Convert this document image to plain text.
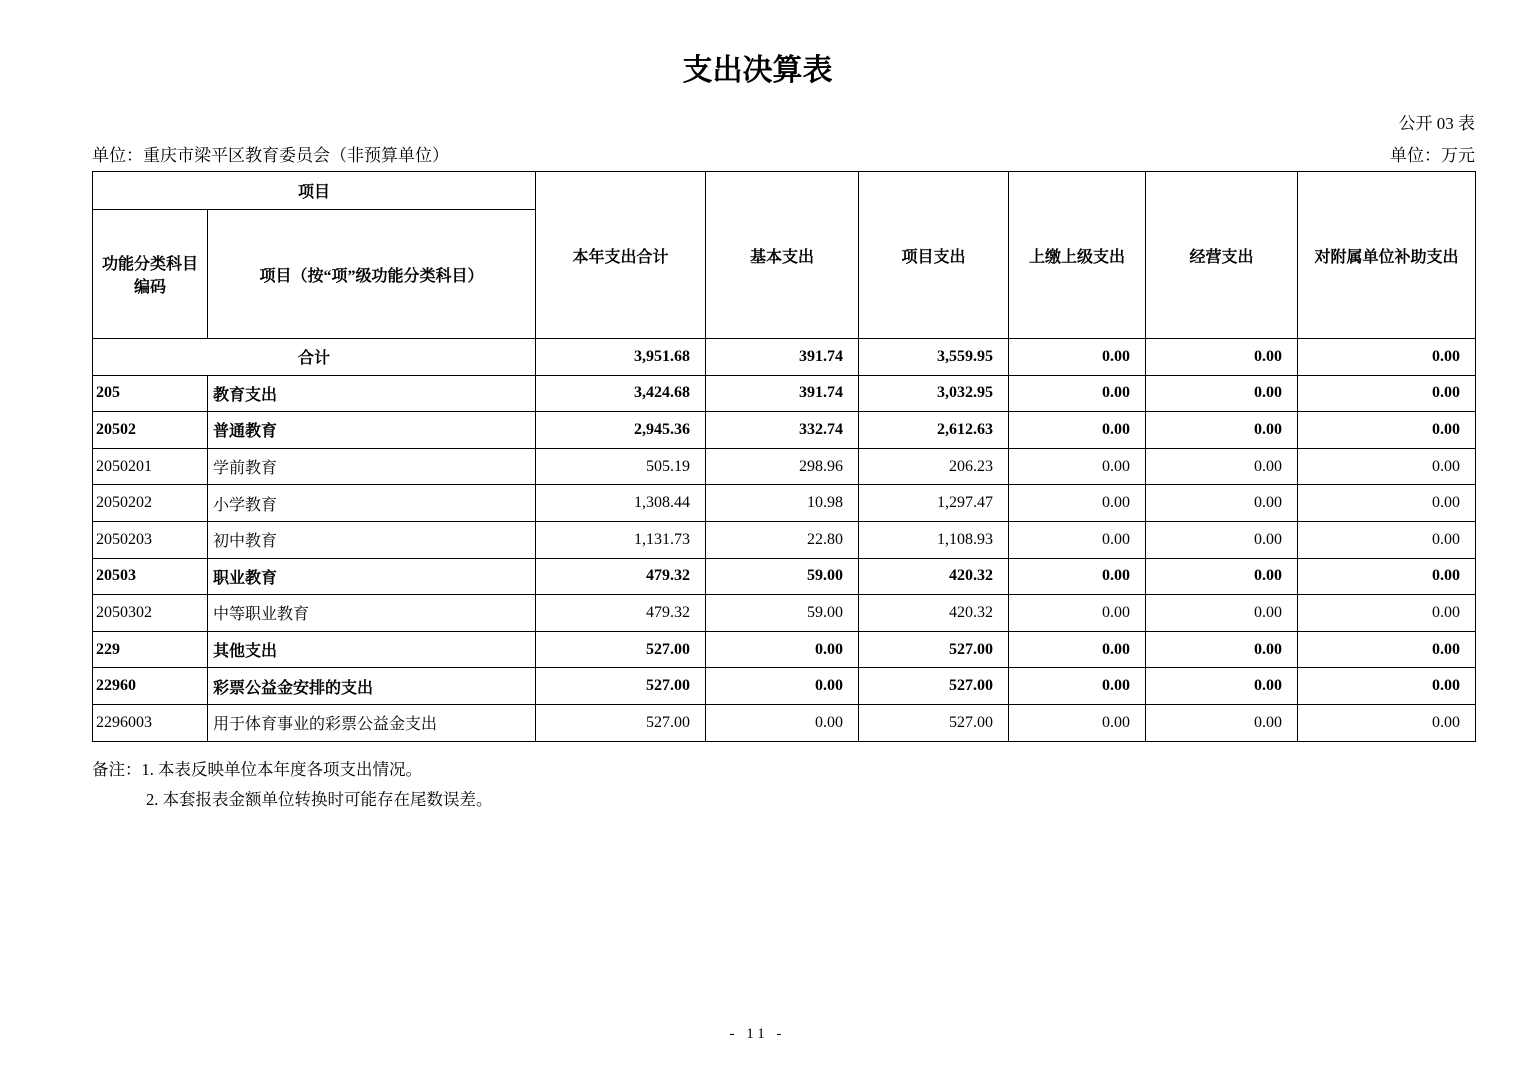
支出决算表
公开 03 表
单位：重庆市梁平区教育委员会（非预算单位）	单位：万元
项目		本年支出合计	基本支出	项目支出	上缴上级支出	经营支出	对附属单位补助支出
功能分类科目
编码	项目（按“项”级功能分类科目）						
合计		3,951.68	391.74	3,559.95	0.00	0.00	0.00
205	教育支出	3,424.68	391.74	3,032.95	0.00	0.00	0.00
20502	普通教育	2,945.36	332.74	2,612.63	0.00	0.00	0.00
2050201	学前教育	505.19	298.96	206.23	0.00	0.00	0.00
2050202	小学教育	1,308.44	10.98	1,297.47	0.00	0.00	0.00
2050203	初中教育	1,131.73	22.80	1,108.93	0.00	0.00	0.00
20503	职业教育	479.32	59.00	420.32	0.00	0.00	0.00
2050302	中等职业教育	479.32	59.00	420.32	0.00	0.00	0.00
229	其他支出	527.00	0.00	527.00	0.00	0.00	0.00
22960	彩票公益金安排的支出	527.00	0.00	527.00	0.00	0.00	0.00
2296003	用于体育事业的彩票公益金支出	527.00	0.00	527.00	0.00	0.00	0.00
备注：1. 本表反映单位本年度各项支出情况。
2. 本套报表金额单位转换时可能存在尾数误差。
- 11 -
